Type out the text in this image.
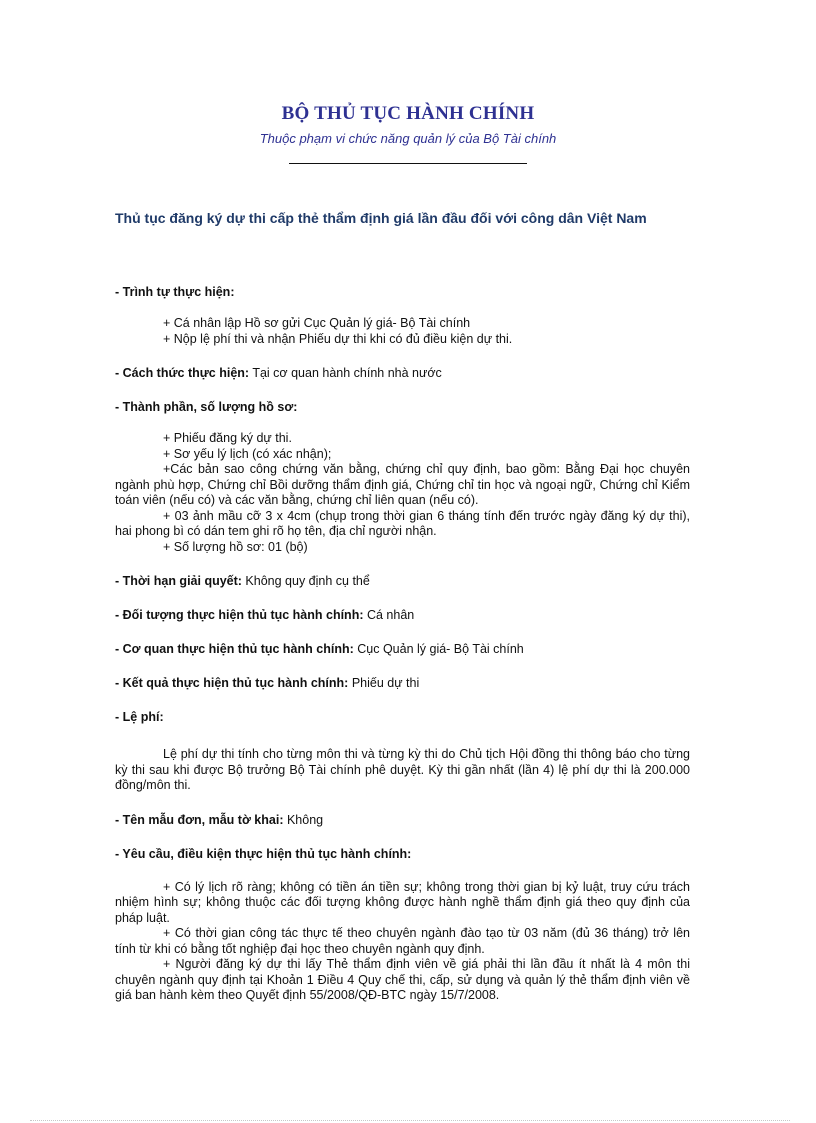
BỘ THỦ TỤC HÀNH CHÍNH
Thuộc phạm vi chức năng quản lý của Bộ Tài chính
Thủ tục đăng ký dự thi cấp thẻ thẩm định giá lần đầu đối với công dân Việt Nam

- Trình tự thực hiện:

+ Cá nhân lập Hồ sơ gửi Cục Quản lý giá- Bộ Tài chính

+ Nộp lệ phí thi và nhận Phiếu dự thi khi có đủ điều kiện dự thi.

- Cách thức thực hiện: Tại cơ quan hành chính nhà nước

- Thành phần, số lượng hồ sơ:

+ Phiếu đăng ký dự thi.

+ Sơ yếu lý lịch (có xác nhận);

+Các bản sao công chứng văn bằng, chứng chỉ quy định, bao gồm: Bằng Đại học chuyên ngành phù hợp, Chứng chỉ Bồi dưỡng thẩm định giá, Chứng chỉ tin học và ngoại ngữ, Chứng chỉ Kiểm toán viên (nếu có) và các văn bằng, chứng chỉ liên quan (nếu có).

+ 03 ảnh mầu cỡ 3 x 4cm (chụp trong thời gian 6 tháng tính đến trước ngày đăng ký dự thi), hai phong bì có dán tem ghi rõ họ tên, địa chỉ người nhận.

+ Số lượng hồ sơ: 01 (bộ)

- Thời hạn giải quyết: Không quy định cụ thể

- Đối tượng thực hiện thủ tục hành chính: Cá nhân

- Cơ quan thực hiện thủ tục hành chính: Cục Quản lý giá- Bộ Tài chính

- Kết quả thực hiện thủ tục hành chính: Phiếu dự thi

- Lệ phí:

Lệ phí dự thi tính cho từng môn thi và từng kỳ thi do Chủ tịch Hội đồng thi thông báo cho từng kỳ thi sau khi được Bộ trưởng Bộ Tài chính phê duyệt. Kỳ thi gần nhất (lần 4) lệ phí dự thi là 200.000 đồng/môn thi.

- Tên mẫu đơn, mẫu tờ khai: Không

- Yêu cầu, điều kiện thực hiện thủ tục hành chính:

+ Có lý lịch rõ ràng; không có tiền án tiền sự; không trong thời gian bị kỷ luật, truy cứu trách nhiệm hình sự; không thuộc các đối tượng không được hành nghề thẩm định giá theo quy định của pháp luật.

+ Có thời gian công tác thực tế theo chuyên ngành đào tạo từ 03 năm (đủ 36 tháng) trở lên tính từ khi có bằng tốt nghiệp đại học theo chuyên ngành quy định.

+ Người đăng ký dự thi lấy Thẻ thẩm định viên về giá phải thi lần đầu ít nhất là 4 môn thi chuyên ngành quy định tại Khoản 1 Điều 4 Quy chế thi, cấp, sử dụng và quản lý thẻ thẩm định viên về giá ban hành kèm theo Quyết định 55/2008/QĐ-BTC ngày 15/7/2008.
